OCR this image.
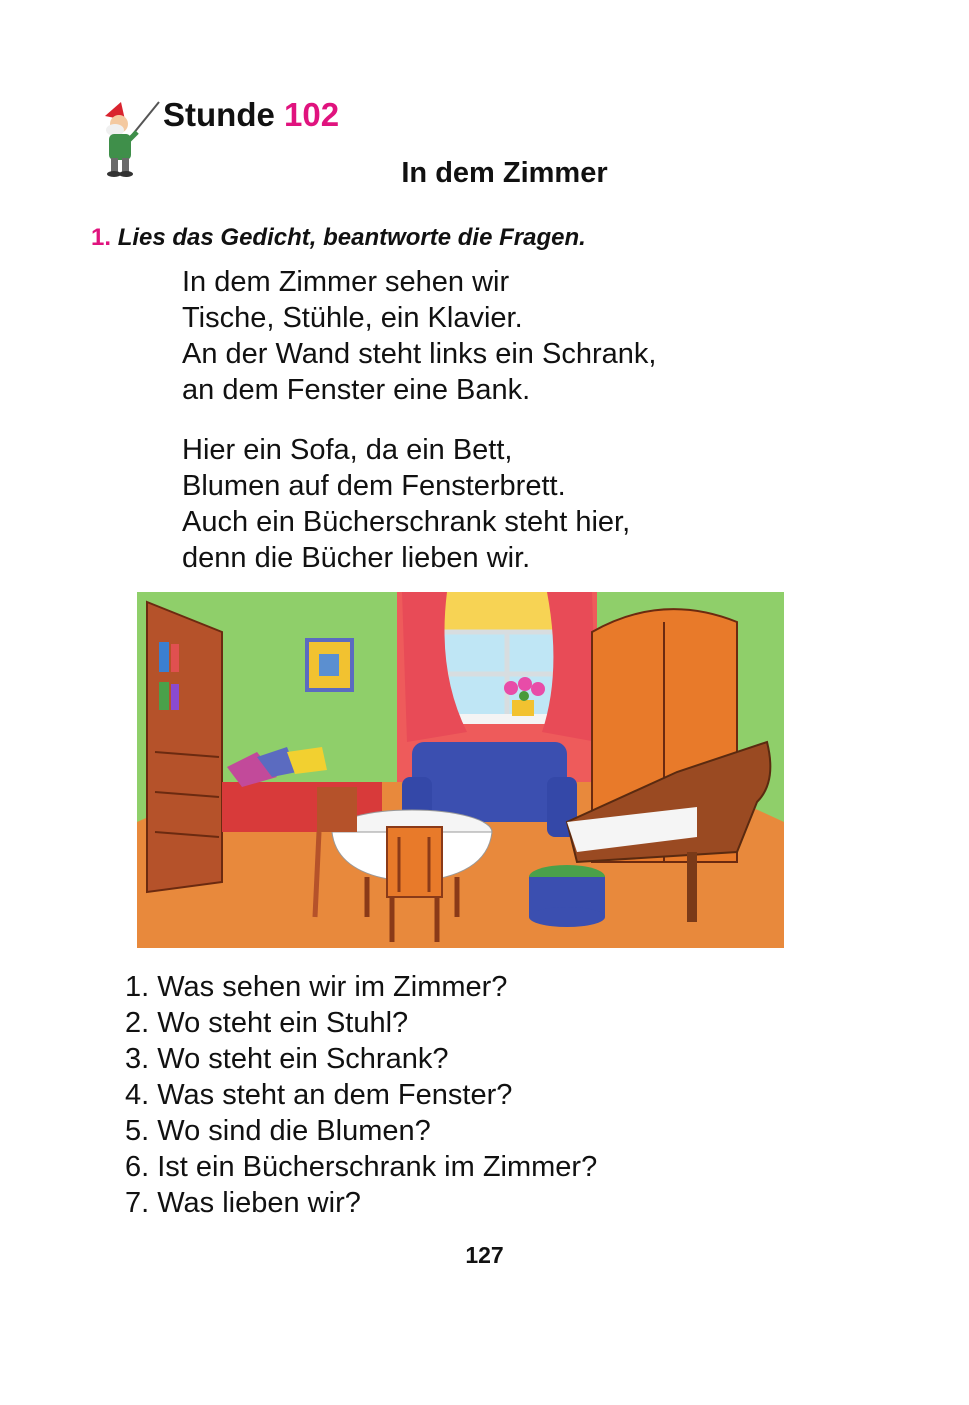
Stunde 102
In dem Zimmer
1. Lies das Gedicht, beantworte die Fragen.
In dem Zimmer sehen wir
Tische, Stühle, ein Klavier.
An der Wand steht links ein Schrank,
an dem Fenster eine Bank.
Hier ein Sofa, da ein Bett,
Blumen auf dem Fensterbrett.
Auch ein Bücherschrank steht hier,
denn die Bücher lieben wir.
1. Was sehen wir im Zimmer?
2. Wo steht ein Stuhl?
3. Wo steht ein Schrank?
4. Was steht an dem Fenster?
5. Wo sind die Blumen?
6. Ist ein Bücherschrank im Zimmer?
7. Was lieben wir?
127
